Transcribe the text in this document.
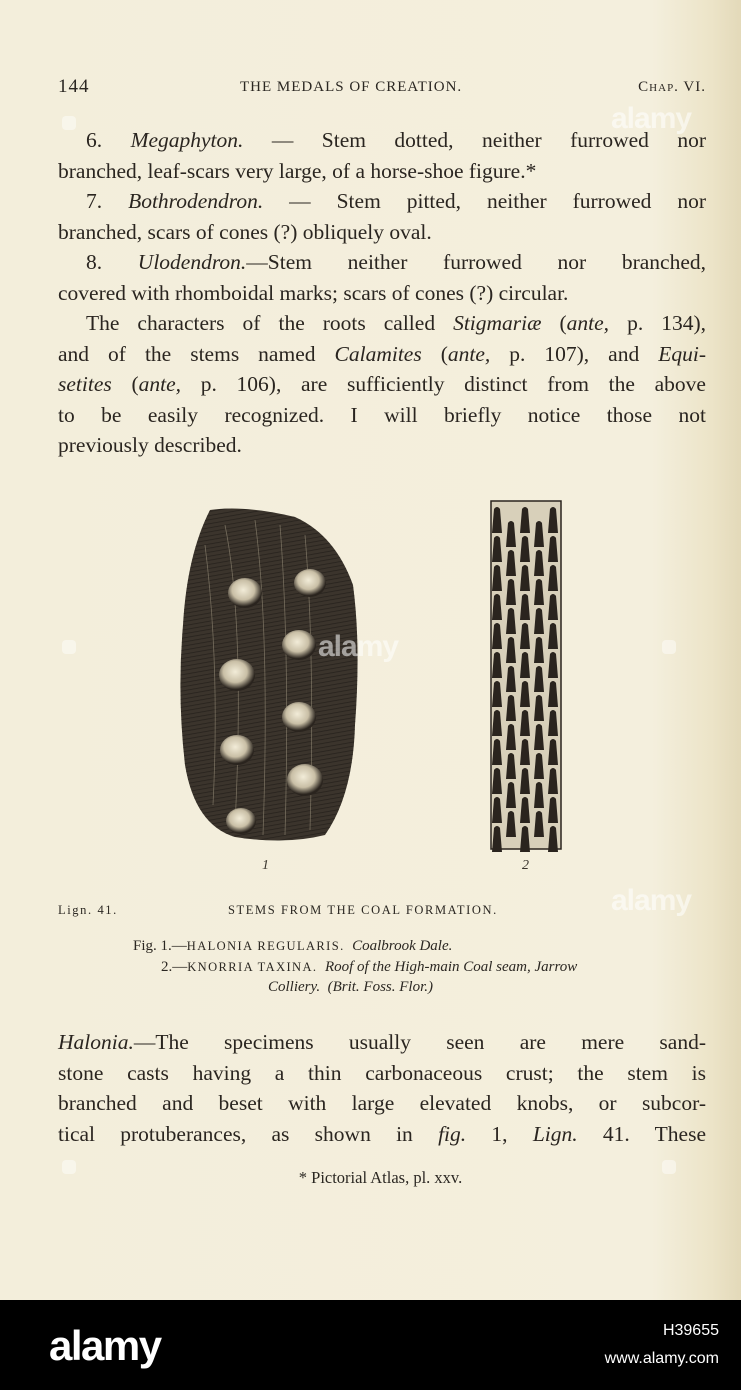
144	THE MEDALS OF CREATION.	Chap. VI.
6. Megaphyton. — Stem dotted, neither furrowed nor
branched, leaf-scars very large, of a horse-shoe figure.*
7. Bothrodendron. — Stem pitted, neither furrowed nor
branched, scars of cones (?) obliquely oval.
8. Ulodendron.—Stem neither furrowed nor branched,
covered with rhomboidal marks; scars of cones (?) circular.
The characters of the roots called Stigmariæ (ante, p. 134),
and of the stems named Calamites (ante, p. 107), and Equi-
setites (ante, p. 106), are sufficiently distinct from the above
to be easily recognized. I will briefly notice those not
previously described.
1	2
Lign. 41.	STEMS FROM THE COAL FORMATION.
Fig. 1.—HALONIA REGULARIS. Coalbrook Dale.
2.—KNORRIA TAXINA. Roof of the High-main Coal seam, Jarrow
Colliery. (Brit. Foss. Flor.)
Halonia.—The specimens usually seen are mere sand-
stone casts having a thin carbonaceous crust; the stem is
branched and beset with large elevated knobs, or subcor-
tical protuberances, as shown in fig. 1, Lign. 41. These
* Pictorial Atlas, pl. xxv.
alamy
alamy
alamy
alamy	H39655
www.alamy.com
